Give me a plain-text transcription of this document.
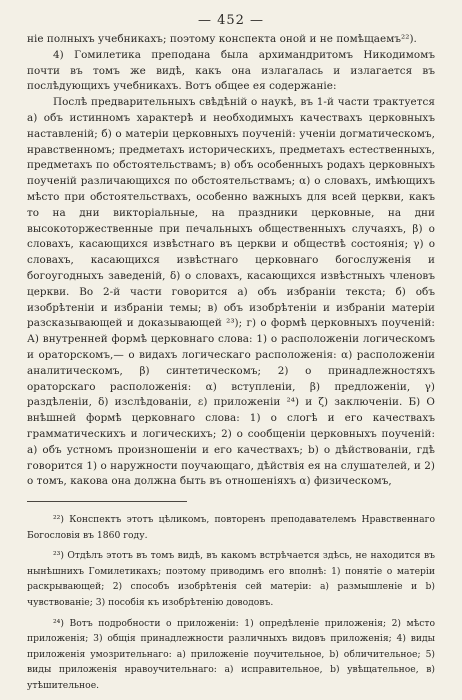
— 452 —

ніе полныхъ учебникахъ; поэтому конспекта оной и не помѣщаемъ²²).

4) Гомилетика преподана была архимандритомъ Никодимомъ почти въ томъ же видѣ, какъ она излагалась и излагается въ послѣдующихъ учебникахъ. Вотъ общее ея содержаніе:

Послѣ предварительныхъ свѣдѣній о наукѣ, въ 1-й части трактуется а) объ истинномъ характерѣ и необходимыхъ качествахъ церковныхъ наставленій; б) о матеріи церковныхъ поученій: ученіи догматическомъ, нравственномъ; предметахъ историческихъ, предметахъ естественныхъ, предметахъ по обстоятельствамъ; в) объ особенныхъ родахъ церковныхъ поученій различающихся по обстоятельствамъ; α) о словахъ, имѣющихъ мѣсто при обстоятельствахъ, особенно важныхъ для всей церкви, какъ то на дни викторіальные, на праздники церковные, на дни высокоторжественные при печальныхъ общественныхъ случаяхъ, β) о словахъ, касающихся извѣстнаго въ церкви и обществѣ состоянія; γ) о словахъ, касающихся извѣстнаго церковнаго богослуженія и богоугодныхъ заведеній, δ) о словахъ, касающихся извѣстныхъ членовъ церкви. Во 2-й части говорится а) объ избраніи текста; б) объ изобрѣтеніи и избраніи темы; в) объ изобрѣтеніи и избраніи матеріи разсказывающей и доказывающей ²³); г) о формѣ церковныхъ поученій: А) внутренней формѣ церковнаго слова: 1) о расположеніи логическомъ и ораторскомъ,— о видахъ логическаго расположенія: α) расположеніи аналитическомъ, β) синтетическомъ; 2) о принадлежностяхъ ораторскаго расположенія: α) вступленіи, β) предложеніи, γ) раздѣленіи, δ) изслѣдованіи, ε) приложеніи ²⁴) и ζ) заключеніи. Б) О внѣшней формѣ церковнаго слова: 1) о слогѣ и его качествахъ грамматическихъ и логическихъ; 2) о сообщеніи церковныхъ поученій: а) объ устномъ произношеніи и его качествахъ; b) о дѣйствованіи, гдѣ говорится 1) о наружности поучающаго, дѣйствія ея на слушателей, и 2) о томъ, какова она должна быть въ отношеніяхъ α) физическомъ,

²²) Конспектъ этотъ цѣликомъ, повторенъ преподавателемъ Нравственнаго Богословія въ 1860 году.

²³) Отдѣлъ этотъ въ томъ видѣ, въ какомъ встрѣчается здѣсь, не находится въ нынѣшнихъ Гомилетикахъ; поэтому приводимъ его вполнѣ: 1) понятіе о матеріи раскрывающей; 2) способъ изобрѣтенія сей матеріи: а) размышленіе и b) чувствованіе; 3) пособія къ изобрѣтенію доводовъ.

²⁴) Вотъ подробности о приложеніи: 1) опредѣленіе приложенія; 2) мѣсто приложенія; 3) общія принадлежности различныхъ видовъ приложенія; 4) виды приложенія умозрительнаго: а) приложеніе поучительное, b) обличительное; 5) виды приложенія нравоучительнаго: а) исправительное, b) увѣщательное, в) утѣшительное.
